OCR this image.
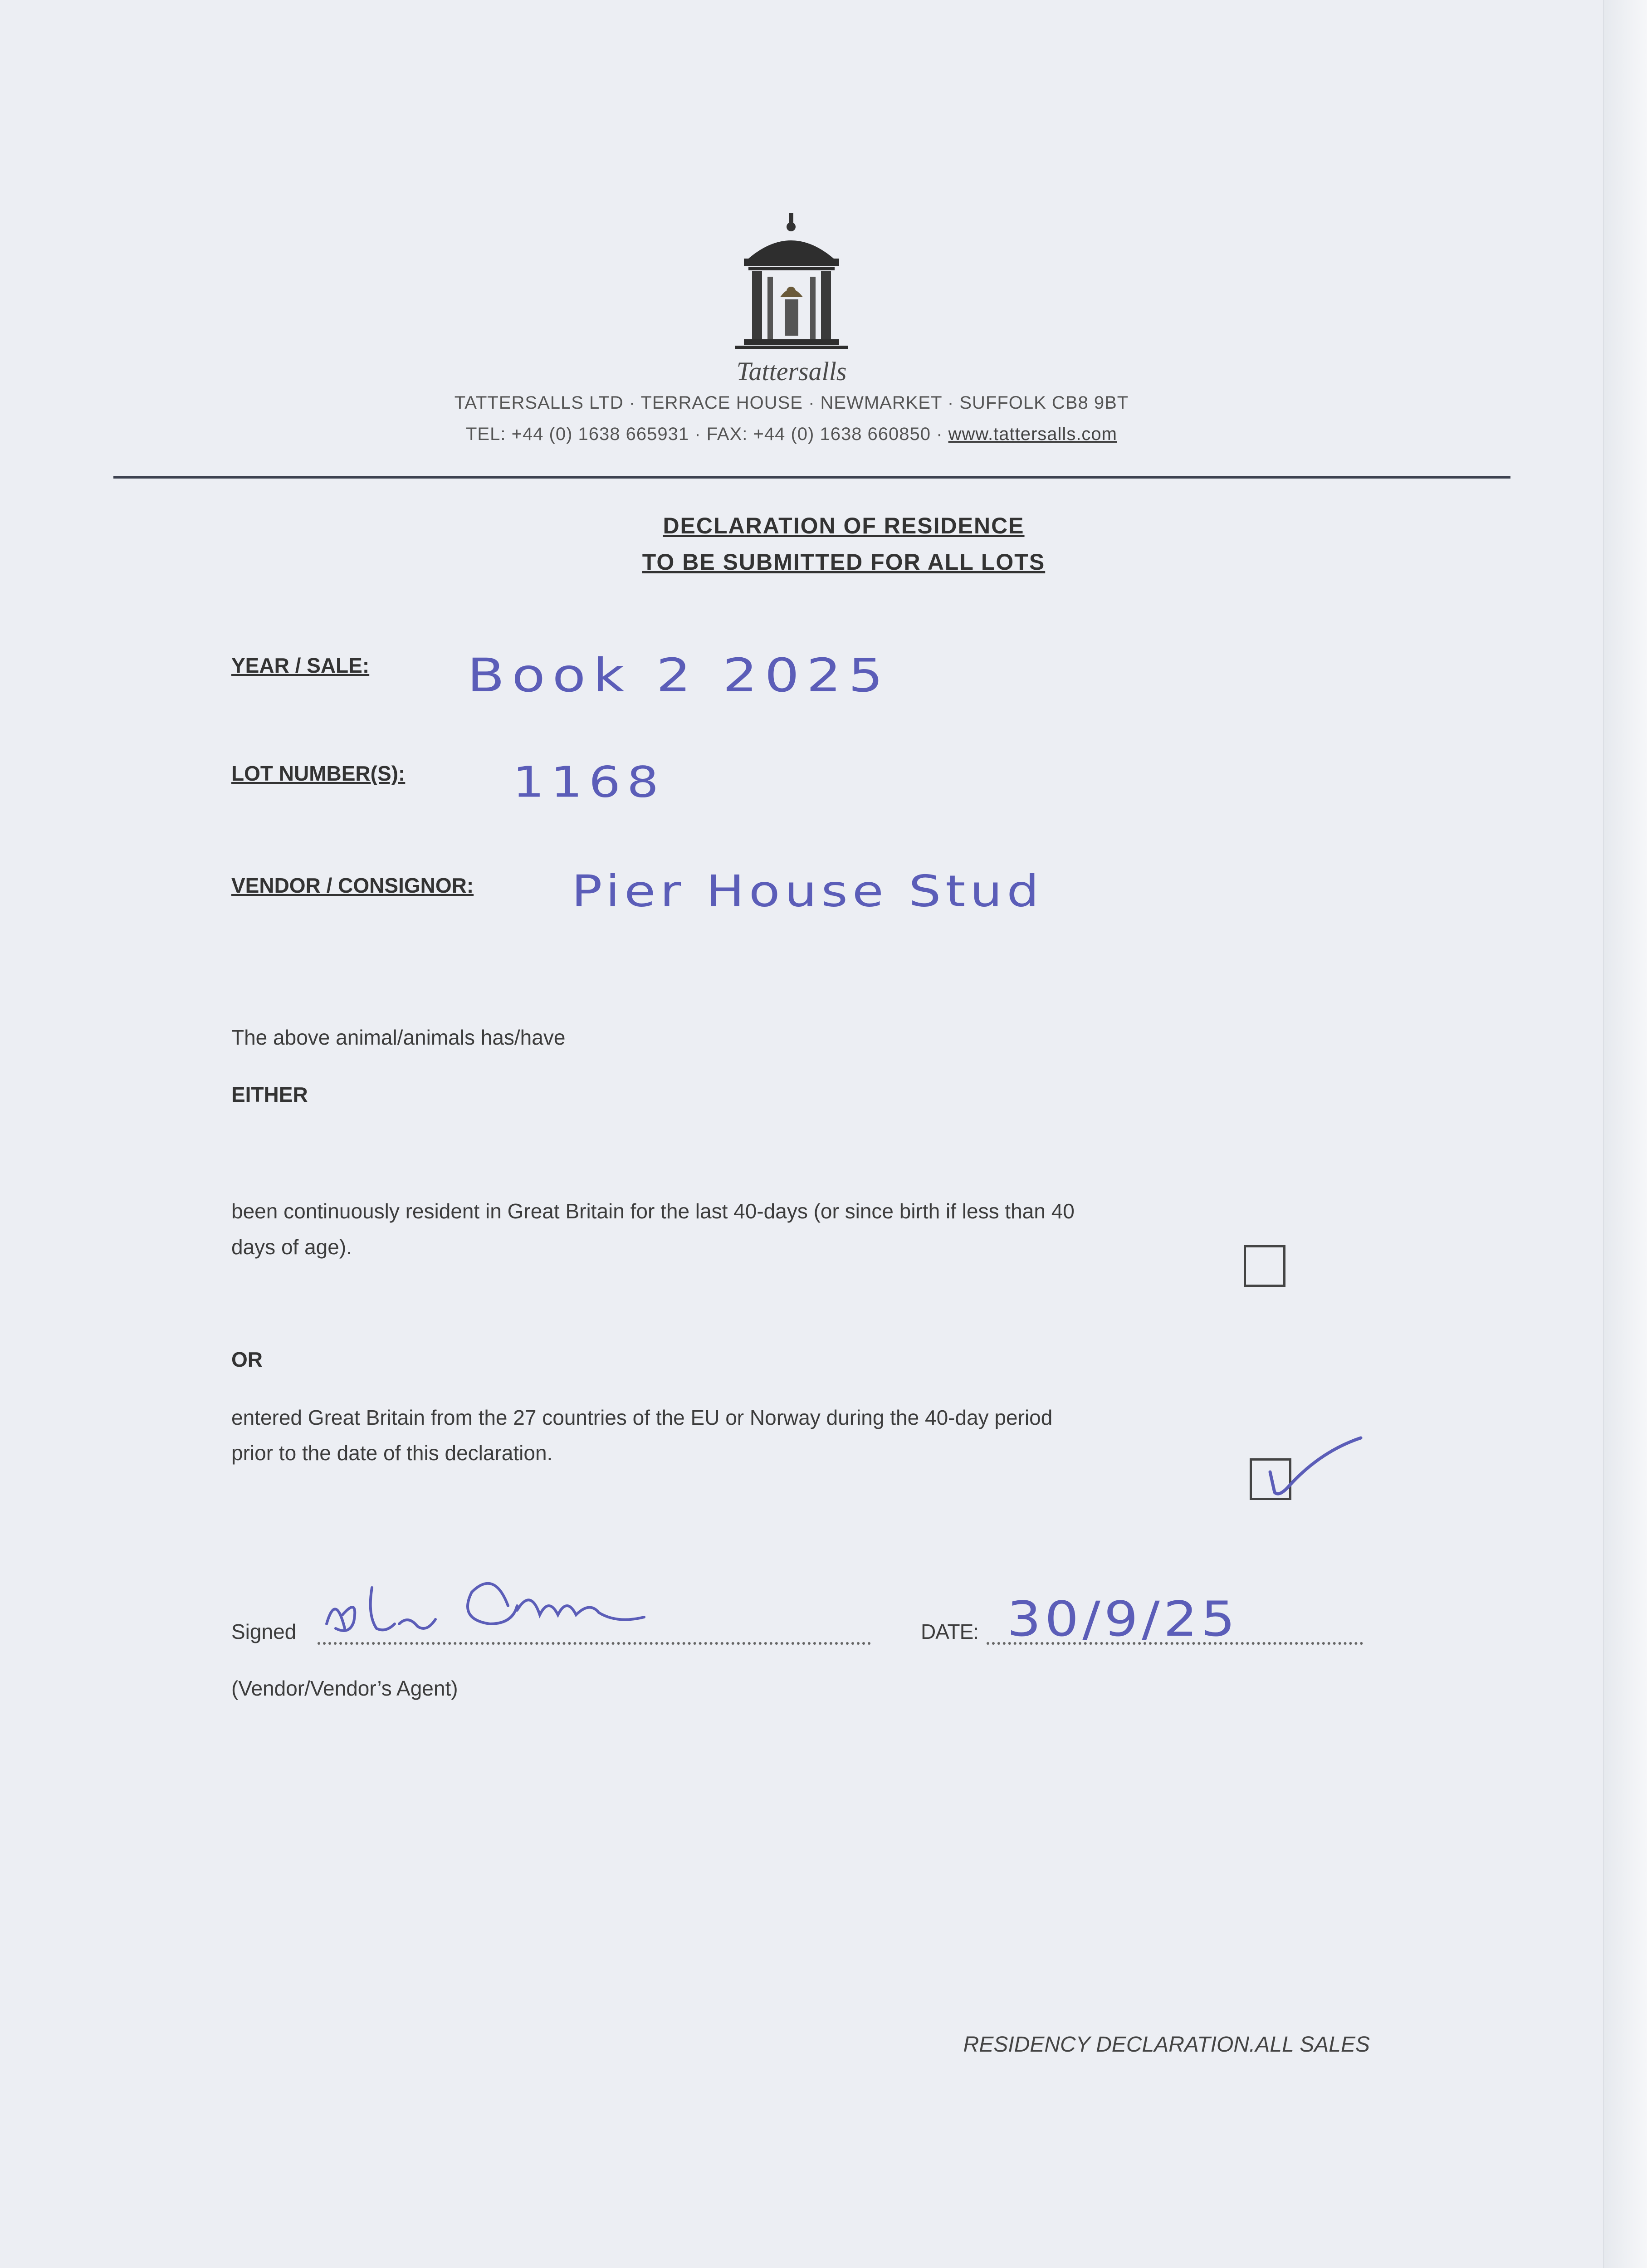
Tattersalls
TATTERSALLS LTD · TERRACE HOUSE · NEWMARKET · SUFFOLK CB8 9BT
TEL: +44 (0) 1638 665931 · FAX: +44 (0) 1638 660850 · www.tattersalls.com
DECLARATION OF RESIDENCE
TO BE SUBMITTED FOR ALL LOTS
YEAR / SALE: Book 2 2025
LOT NUMBER(S): 1168
VENDOR / CONSIGNOR: Pier House Stud
The above animal/animals has/have
EITHER
been continuously resident in Great Britain for the last 40-days (or since birth if less than 40
days of age).
OR
entered Great Britain from the 27 countries of the EU or Norway during the 40-day period
prior to the date of this declaration.
Signed	DATE: 30/9/25
(Vendor/Vendor’s Agent)
RESIDENCY DECLARATION.ALL SALES
